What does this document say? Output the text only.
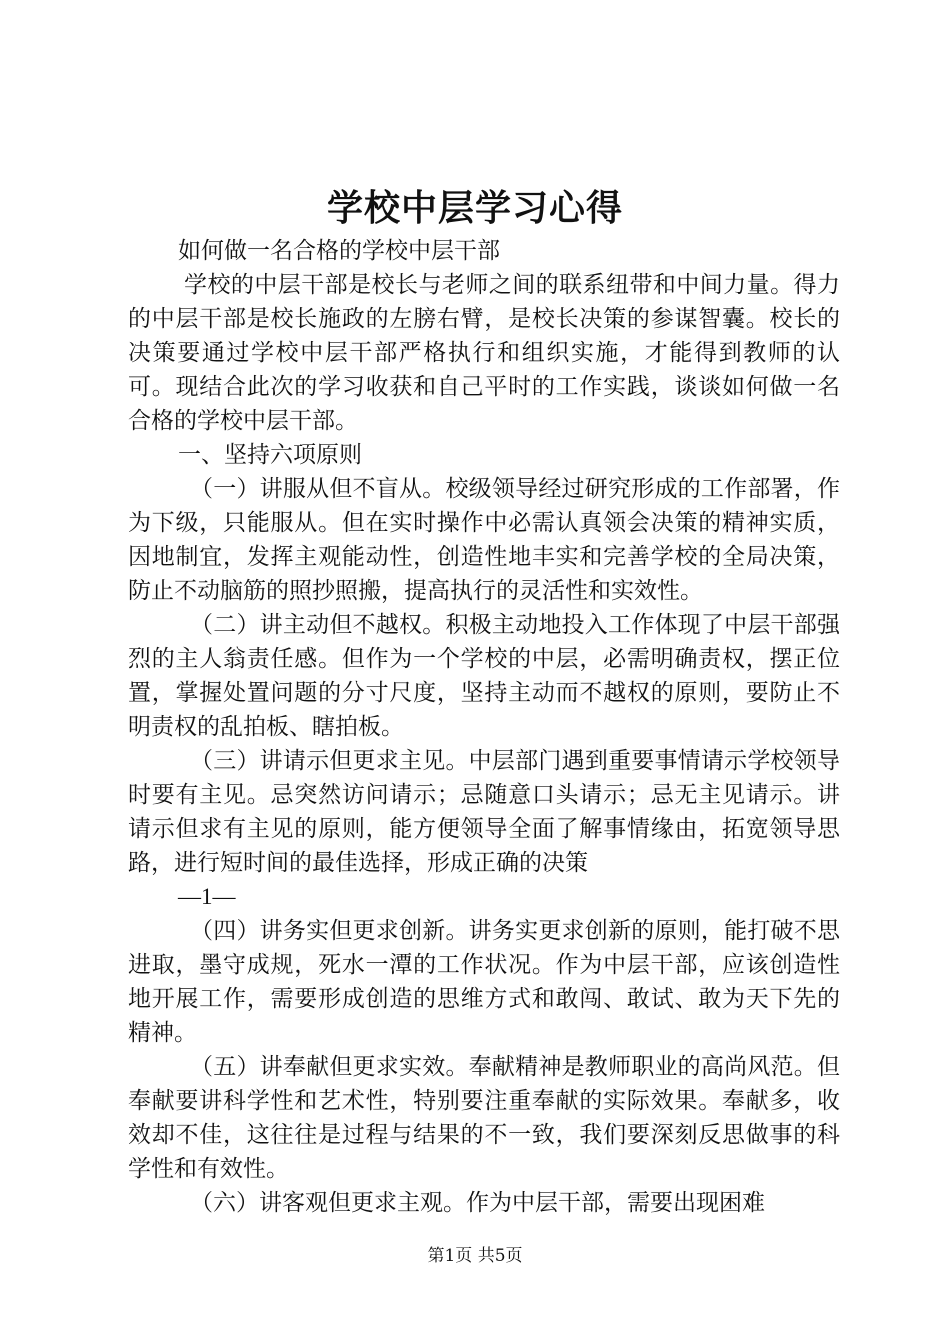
学校中层学习心得

如何做一名合格的学校中层干部

学校的中层干部是校长与老师之间的联系纽带和中间力量。得力的中层干部是校长施政的左膀右臂，是校长决策的参谋智囊。校长的决策要通过学校中层干部严格执行和组织实施，才能得到教师的认可。现结合此次的学习收获和自己平时的工作实践，谈谈如何做一名合格的学校中层干部。

一、坚持六项原则

（一）讲服从但不盲从。校级领导经过研究形成的工作部署，作为下级，只能服从。但在实时操作中必需认真领会决策的精神实质，因地制宜，发挥主观能动性，创造性地丰实和完善学校的全局决策，防止不动脑筋的照抄照搬，提高执行的灵活性和实效性。

（二）讲主动但不越权。积极主动地投入工作体现了中层干部强烈的主人翁责任感。但作为一个学校的中层，必需明确责权，摆正位置，掌握处置问题的分寸尺度，坚持主动而不越权的原则，要防止不明责权的乱拍板、瞎拍板。

（三）讲请示但更求主见。中层部门遇到重要事情请示学校领导时要有主见。忌突然访问请示；忌随意口头请示；忌无主见请示。讲请示但求有主见的原则，能方便领导全面了解事情缘由，拓宽领导思路，进行短时间的最佳选择，形成正确的决策

—1—

（四）讲务实但更求创新。讲务实更求创新的原则，能打破不思进取，墨守成规，死水一潭的工作状况。作为中层干部，应该创造性地开展工作，需要形成创造的思维方式和敢闯、敢试、敢为天下先的精神。

（五）讲奉献但更求实效。奉献精神是教师职业的高尚风范。但奉献要讲科学性和艺术性，特别要注重奉献的实际效果。奉献多，收效却不佳，这往往是过程与结果的不一致，我们要深刻反思做事的科学性和有效性。

（六）讲客观但更求主观。作为中层干部，需要出现困难

第1页 共5页
